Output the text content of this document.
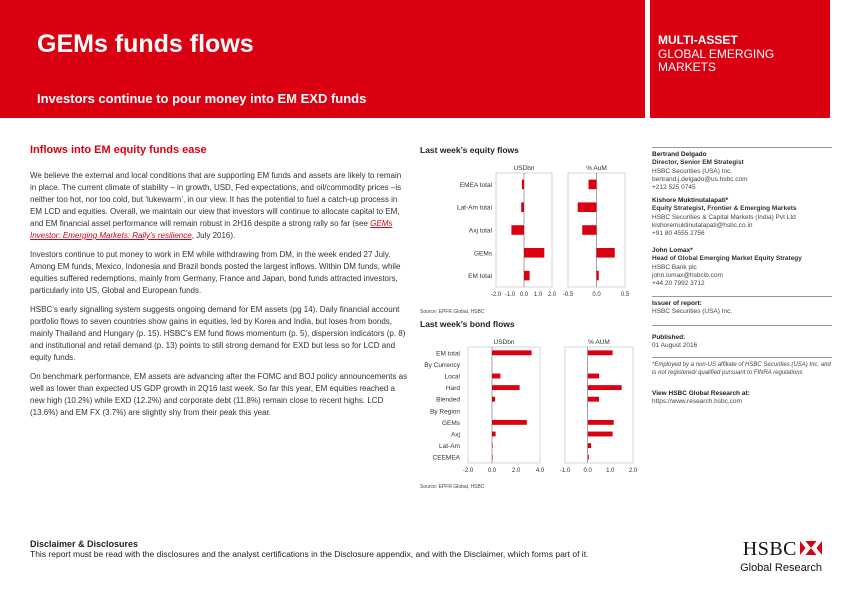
GEMs funds flows
Investors continue to pour money into EM EXD funds
MULTI-ASSET
GLOBAL EMERGING MARKETS
Inflows into EM equity funds ease

We believe the external and local conditions that are supporting EM funds and assets are likely to remain in place. The current climate of stability – in growth, USD, Fed expectations, and oil/commodity prices –is neither too hot, nor too cold, but ‘lukewarm’, in our view. It has the potential to fuel a catch-up process in EM LCD and equities. Overall, we maintain our view that investors will continue to allocate capital to EM, and EM financial asset performance will remain robust in 2H16 despite a strong rally so far (see GEMs Investor: Emerging Markets: Rally’s resilience, July 2016).

Investors continue to put money to work in EM while withdrawing from DM, in the week ended 27 July. Among EM funds, Mexico, Indonesia and Brazil bonds posted the largest inflows. Within DM funds, while equities suffered redemptions, mainly from Germany, France and Japan, bond funds attracted investors, particularly into US, Global and European funds.

HSBC’s early signalling system suggests ongoing demand for EM assets (pg 14). Daily financial account portfolio flows to seven countries show gains in equities, led by Korea and India, but loses from bonds, mainly Thailand and Hungary (p. 15). HSBC’s EM fund flows momentum (p. 5), dispersion indicators (p. 8) and institutional and retail demand (p. 13) points to still strong demand for EXD but less so for LCD and equity funds.

On benchmark performance, EM assets are advancing after the FOMC and BOJ policy announcements as well as lower than expected US GDP growth in 2Q16 last week. So far this year, EM equities reached a new high (10.2%) while EXD (12.2%) and corporate debt (11.8%) remain close to recent highs. LCD (13.6%) and EM FX (3.7%) are slightly shy from their peak this year.

Last week’s equity flows
EMEA total
Lat-Am total
Axj total
GEMs
EM total
USDbn
-2.0 -1.0 0.0 1.0 2.0
% AuM
-0.5	0.0	0.5
Source: EPFR Global, HSBC
Last week’s bond flows
EM total
By Currency
Local
Hard
Blended
By Region
GEMs
Axj
Lat-Am
CEEMEA
USDbn
-2.0 0.0	2.0	4.0
% AUM
-1.0 0.0 1.0 2.0
Source: EPFR Global, HSBC
Bertrand Delgado
Director, Senior EM Strategist
HSBC Securities (USA) Inc.
bertrand.j.delgado@us.hsbc.com
+212 525 0745
Kishore Muktinutalapati*
Equity Strategist, Frontier & Emerging Markets
HSBC Securities & Capital Markets (India) Pvt Ltd
kishoremuktinutalapati@hsbc.co.in
+91 80 4555 2756
John Lomax*
Head of Global Emerging Market Equity Strategy
HSBC Bank plc
john.lomax@hsbcib.com
+44 20 7992 3712
Issuer of report:
HSBC Securities (USA) Inc.
Published:
01 August 2016
*Employed by a non-US affiliate of HSBC Securities (USA) Inc, and is not registered/ qualified pursuant to FINRA regulations
View HSBC Global Research at:
https://www.research.hsbc.com
Disclaimer & Disclosures
This report must be read with the disclosures and the analyst certifications in the Disclosure appendix, and with the Disclaimer, which forms part of it.	HSBC
Global Research
